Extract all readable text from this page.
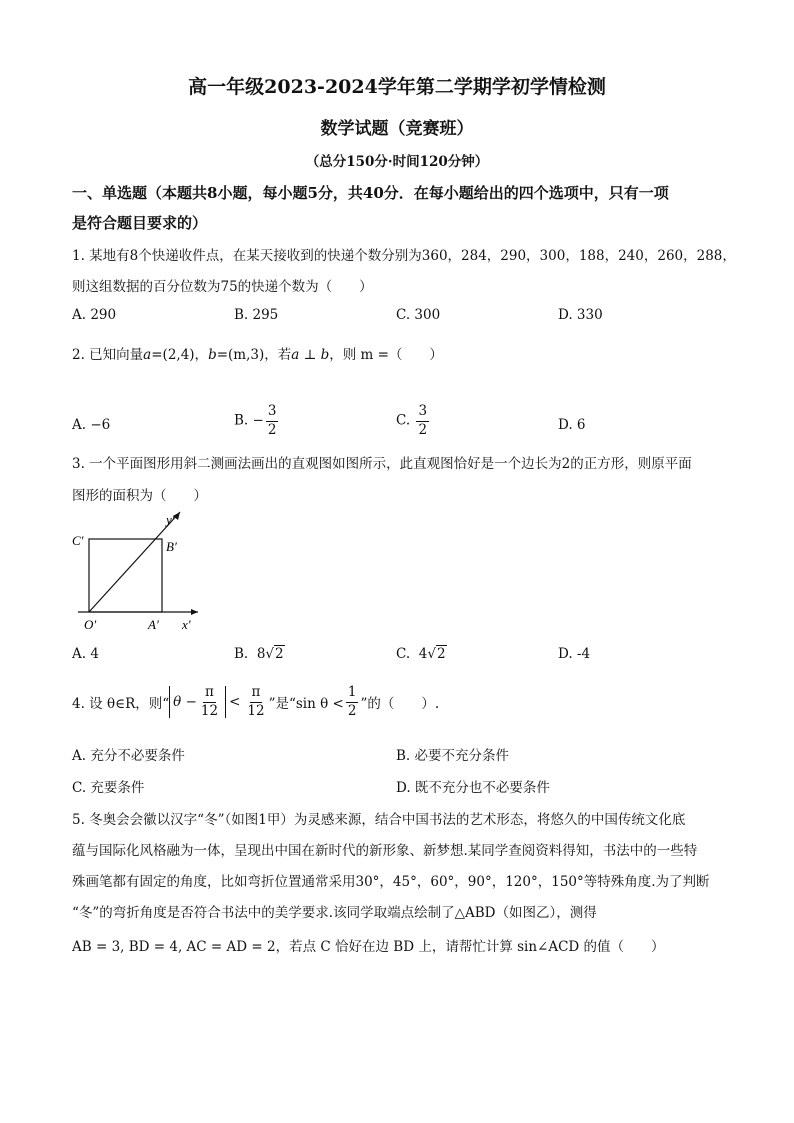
高一年级2023-2024学年第二学期学初学情检测
数学试题（竞赛班）
（总分150分·时间120分钟）
一、单选题（本题共8小题，每小题5分，共40分．在每小题给出的四个选项中，只有一项
是符合题目要求的）
1. 某地有8个快递收件点，在某天接收到的快递个数分别为360，284，290，300，188，240，260，288，
则这组数据的百分位数为75的快递个数为（　　）
A. 290	B. 295	C. 300	D. 330
2. 已知向量a=(2,4)，b=(m,3)，若a ⊥ b，则 m =（　　）
A. −6	B. − $\frac{3}{2}$	C. $\frac{3}{2}$	D. 6
3. 一个平面图形用斜二测画法画出的直观图如图所示，此直观图恰好是一个边长为2的正方形，则原平面
图形的面积为（　　）
C′	B′
O′	A′ x′
y′
A. 4	B. 8√2	C. 4√2	D. -4
4. 设 θ∈R，则“ $\theta - \frac{\pi}{12} < \frac{\pi}{12}$ ”是“sin $\theta < \frac{1}{2}$ ”的（　　）.
A. 充分不必要条件	B. 必要不充分条件
C. 充要条件	D. 既不充分也不必要条件
5. 冬奥会会徽以汉字“冬”（如图1甲）为灵感来源，结合中国书法的艺术形态，将悠久的中国传统文化底
蕴与国际化风格融为一体，呈现出中国在新时代的新形象、新梦想.某同学查阅资料得知，书法中的一些特
殊画笔都有固定的角度，比如弯折位置通常采用30°，45°，60°，90°，120°，150°等特殊角度.为了判断
“冬”的弯折角度是否符合书法中的美学要求.该同学取端点绘制了△ABD（如图乙），测得
AB = 3, BD = 4, AC = AD = 2，若点 C 恰好在边 BD 上，请帮忙计算 sin∠ACD 的值（　　）
